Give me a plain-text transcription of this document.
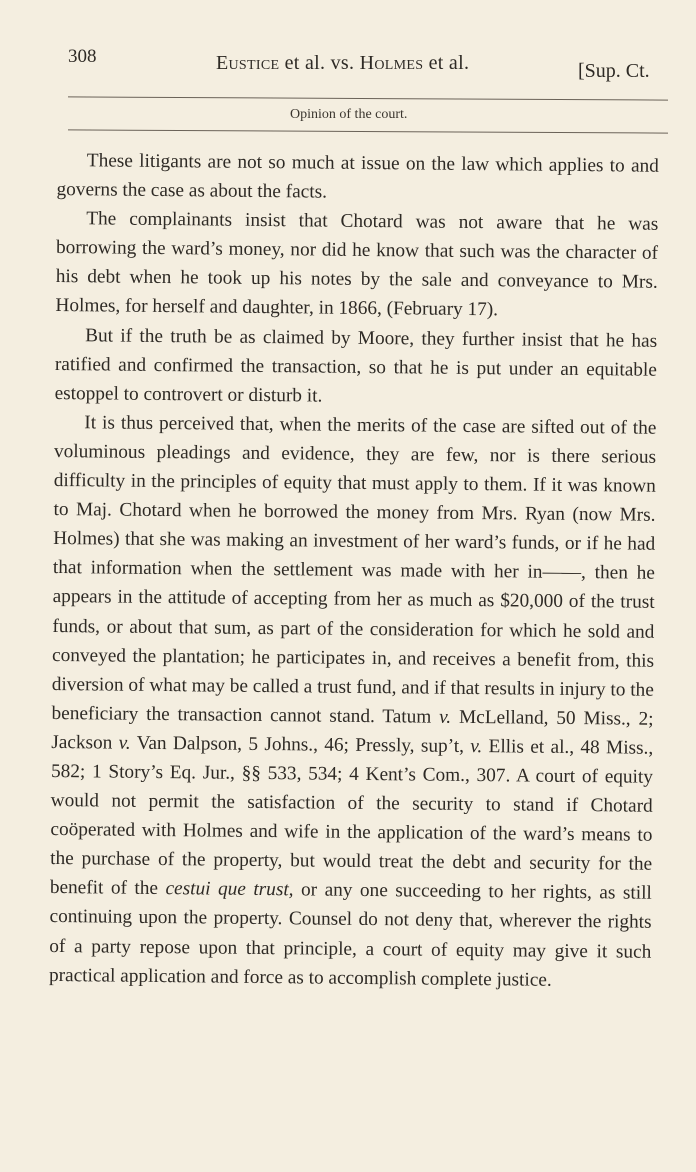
308	Eustice et al. vs. Holmes et al.	[Sup. Ct.
Opinion of the court.

These litigants are not so much at issue on the law which applies to and governs the case as about the facts.

The complainants insist that Chotard was not aware that he was borrowing the ward’s money, nor did he know that such was the character of his debt when he took up his notes by the sale and conveyance to Mrs. Holmes, for herself and daughter, in 1866, (February 17).

But if the truth be as claimed by Moore, they further insist that he has ratified and confirmed the transaction, so that he is put under an equitable estoppel to controvert or disturb it.

It is thus perceived that, when the merits of the case are sifted out of the voluminous pleadings and evidence, they are few, nor is there serious difficulty in the principles of equity that must apply to them. If it was known to Maj. Chotard when he borrowed the money from Mrs. Ryan (now Mrs. Holmes) that she was making an investment of her ward’s funds, or if he had that information when the settlement was made with her in——, then he appears in the attitude of accepting from her as much as $20,000 of the trust funds, or about that sum, as part of the consideration for which he sold and conveyed the plantation; he participates in, and receives a benefit from, this diversion of what may be called a trust fund, and if that results in injury to the beneficiary the transaction cannot stand. Tatum v. McLelland, 50 Miss., 2; Jackson v. Van Dalpson, 5 Johns., 46; Pressly, sup’t, v. Ellis et al., 48 Miss., 582; 1 Story’s Eq. Jur., §§ 533, 534; 4 Kent’s Com., 307. A court of equity would not permit the satisfaction of the security to stand if Chotard coöperated with Holmes and wife in the application of the ward’s means to the purchase of the property, but would treat the debt and security for the benefit of the cestui que trust, or any one succeeding to her rights, as still continuing upon the property. Counsel do not deny that, wherever the rights of a party repose upon that principle, a court of equity may give it such practical application and force as to accomplish complete justice.
